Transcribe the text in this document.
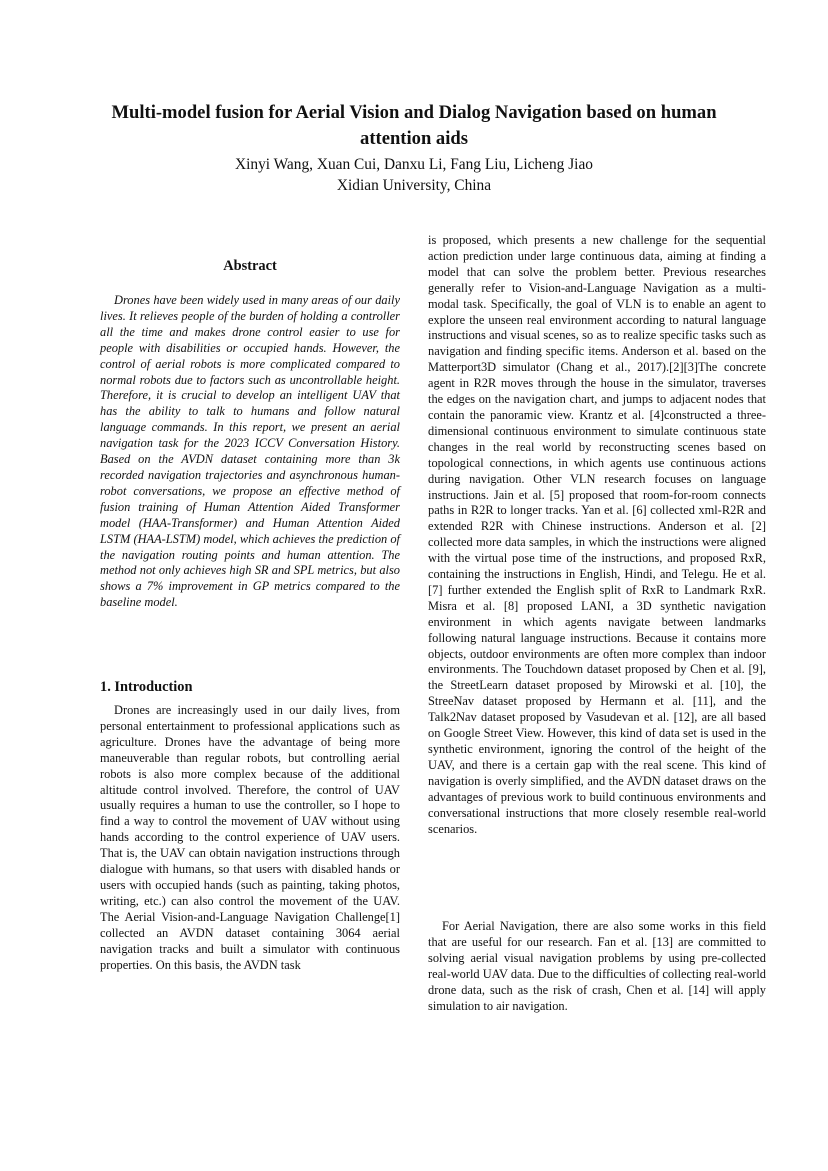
Multi-model fusion for Aerial Vision and Dialog Navigation based on human attention aids
Xinyi Wang, Xuan Cui, Danxu Li, Fang Liu, Licheng Jiao
Xidian University, China
Abstract

Drones have been widely used in many areas of our daily lives. It relieves people of the burden of holding a controller all the time and makes drone control easier to use for people with disabilities or occupied hands. However, the control of aerial robots is more complicated compared to normal robots due to factors such as uncontrollable height. Therefore, it is crucial to develop an intelligent UAV that has the ability to talk to humans and follow natural language commands. In this report, we present an aerial navigation task for the 2023 ICCV Conversation History. Based on the AVDN dataset containing more than 3k recorded navigation trajectories and asynchronous human-robot conversations, we propose an effective method of fusion training of Human Attention Aided Transformer model (HAA-Transformer) and Human Attention Aided LSTM (HAA-LSTM) model, which achieves the prediction of the navigation routing points and human attention. The method not only achieves high SR and SPL metrics, but also shows a 7% improvement in GP metrics compared to the baseline model.

1. Introduction

Drones are increasingly used in our daily lives, from personal entertainment to professional applications such as agriculture. Drones have the advantage of being more maneuverable than regular robots, but controlling aerial robots is also more complex because of the additional altitude control involved. Therefore, the control of UAV usually requires a human to use the controller, so I hope to find a way to control the movement of UAV without using hands according to the control experience of UAV users. That is, the UAV can obtain navigation instructions through dialogue with humans, so that users with disabled hands or users with occupied hands (such as painting, taking photos, writing, etc.) can also control the movement of the UAV. The Aerial Vision-and-Language Navigation Challenge[1] collected an AVDN dataset containing 3064 aerial navigation tracks and built a simulator with continuous properties. On this basis, the AVDN task

is proposed, which presents a new challenge for the sequential action prediction under large continuous data, aiming at finding a model that can solve the problem better. Previous researches generally refer to Vision-and-Language Navigation as a multi-modal task. Specifically, the goal of VLN is to enable an agent to explore the unseen real environment according to natural language instructions and visual scenes, so as to realize specific tasks such as navigation and finding specific items. Anderson et al. based on the Matterport3D simulator (Chang et al., 2017).[2][3]The concrete agent in R2R moves through the house in the simulator, traverses the edges on the navigation chart, and jumps to adjacent nodes that contain the panoramic view. Krantz et al. [4]constructed a three-dimensional continuous environment to simulate continuous state changes in the real world by reconstructing scenes based on topological connections, in which agents use continuous actions during navigation. Other VLN research focuses on language instructions. Jain et al. [5] proposed that room-for-room connects paths in R2R to longer tracks. Yan et al. [6] collected xml-R2R and extended R2R with Chinese instructions. Anderson et al. [2] collected more data samples, in which the instructions were aligned with the virtual pose time of the instructions, and proposed RxR, containing the instructions in English, Hindi, and Telegu. He et al. [7] further extended the English split of RxR to Landmark RxR. Misra et al. [8] proposed LANI, a 3D synthetic navigation environment in which agents navigate between landmarks following natural language instructions. Because it contains more objects, outdoor environments are often more complex than indoor environments. The Touchdown dataset proposed by Chen et al. [9], the StreetLearn dataset proposed by Mirowski et al. [10], the StreeNav dataset proposed by Hermann et al. [11], and the Talk2Nav dataset proposed by Vasudevan et al. [12], are all based on Google Street View. However, this kind of data set is used in the synthetic environment, ignoring the control of the height of the UAV, and there is a certain gap with the real scene. This kind of navigation is overly simplified, and the AVDN dataset draws on the advantages of previous work to build continuous environments and conversational instructions that more closely resemble real-world scenarios.

For Aerial Navigation, there are also some works in this field that are useful for our research. Fan et al. [13] are committed to solving aerial visual navigation problems by using pre-collected real-world UAV data. Due to the difficulties of collecting real-world drone data, such as the risk of crash, Chen et al. [14] will apply simulation to air navigation.
